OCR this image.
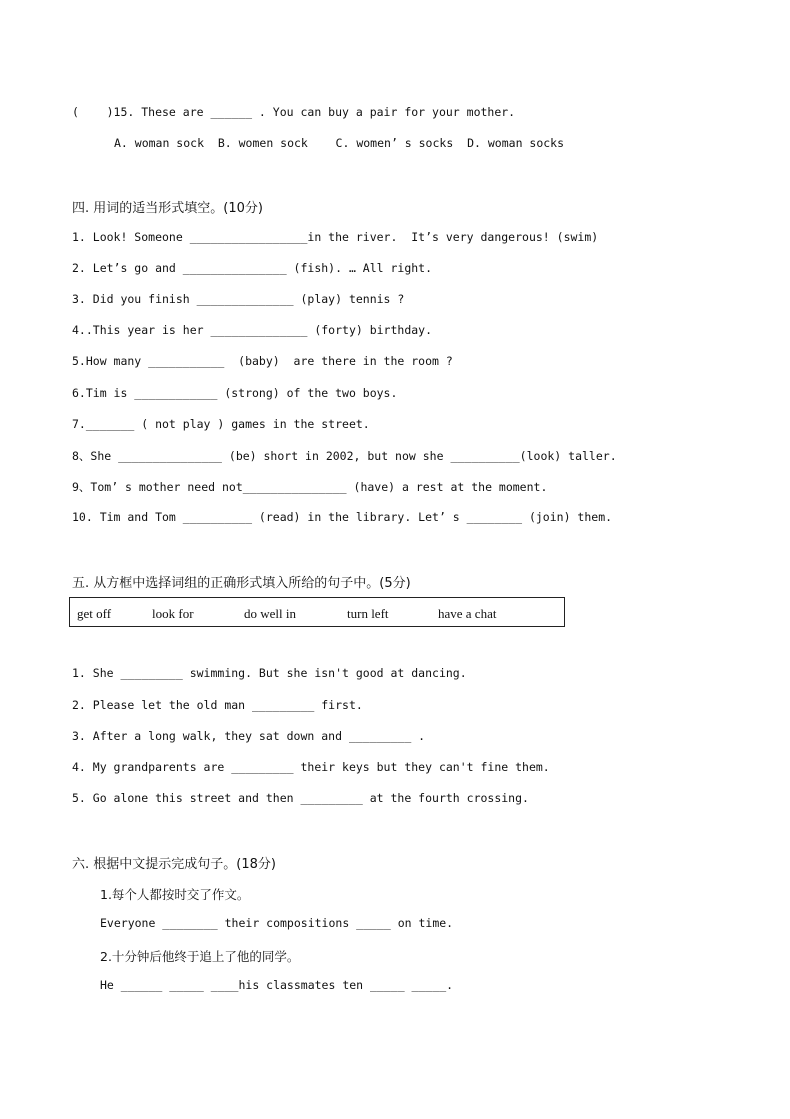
(    )15. These are ______ . You can buy a pair for your mother.
A. woman sock  B. women sock    C. women’ s socks  D. woman socks
四. 用词的适当形式填空。(10分)
1. Look! Someone _________________in the river.  It’s very dangerous! (swim)
2. Let’s go and _______________ (fish). … All right.
3. Did you finish ______________ (play) tennis ?
4..This year is her ______________ (forty) birthday.
5.How many ___________  (baby)  are there in the room ?
6.Tim is ____________ (strong) of the two boys.
7._______ ( not play ) games in the street.
8、She _______________ (be) short in 2002, but now she __________(look) taller.
9、Tom’ s mother need not_______________ (have) a rest at the moment.
10. Tim and Tom __________ (read) in the library. Let’ s ________ (join) them.
五. 从方框中选择词组的正确形式填入所给的句子中。(5分)
get off	look for	do well in	turn left	have a chat
1. She _________ swimming. But she isn't good at dancing.
2. Please let the old man _________ first.
3. After a long walk, they sat down and _________ .
4. My grandparents are _________ their keys but they can't fine them.
5. Go alone this street and then _________ at the fourth crossing.
六. 根据中文提示完成句子。(18分)
1.每个人都按时交了作文。
Everyone ________ their compositions _____ on time.
2.十分钟后他终于追上了他的同学。
He ______ _____ ____his classmates ten _____ _____.
